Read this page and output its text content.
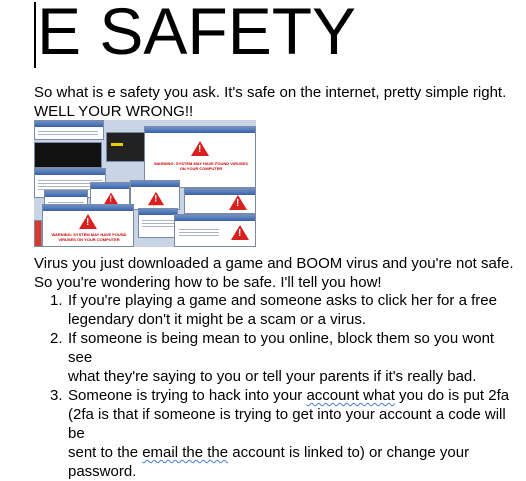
E SAFETY
So what is e safety you ask. It's safe on the internet, pretty simple right.
WELL YOUR WRONG!!
!
WARNING: SYSTEM MAY HAVE FOUND VIRUSES ON YOUR COMPUTER
!	!	!
!
WARNING: SYSTEM MAY HAVE FOUND VIRUSES ON YOUR COMPUTER
!
Virus you just downloaded a game and BOOM virus and you're not safe.
So you're wondering how to be safe. I'll tell you how!
1. If you're playing a game and someone asks to click her for a free
legendary don't it might be a scam or a virus.
2. If someone is being mean to you online, block them so you wont see
what they're saying to you or tell your parents if it's really bad.
3. Someone is trying to hack into your account what you do is put 2fa
(2fa is that if someone is trying to get into your account a code will be
sent to the email the the account is linked to) or change your
password.
